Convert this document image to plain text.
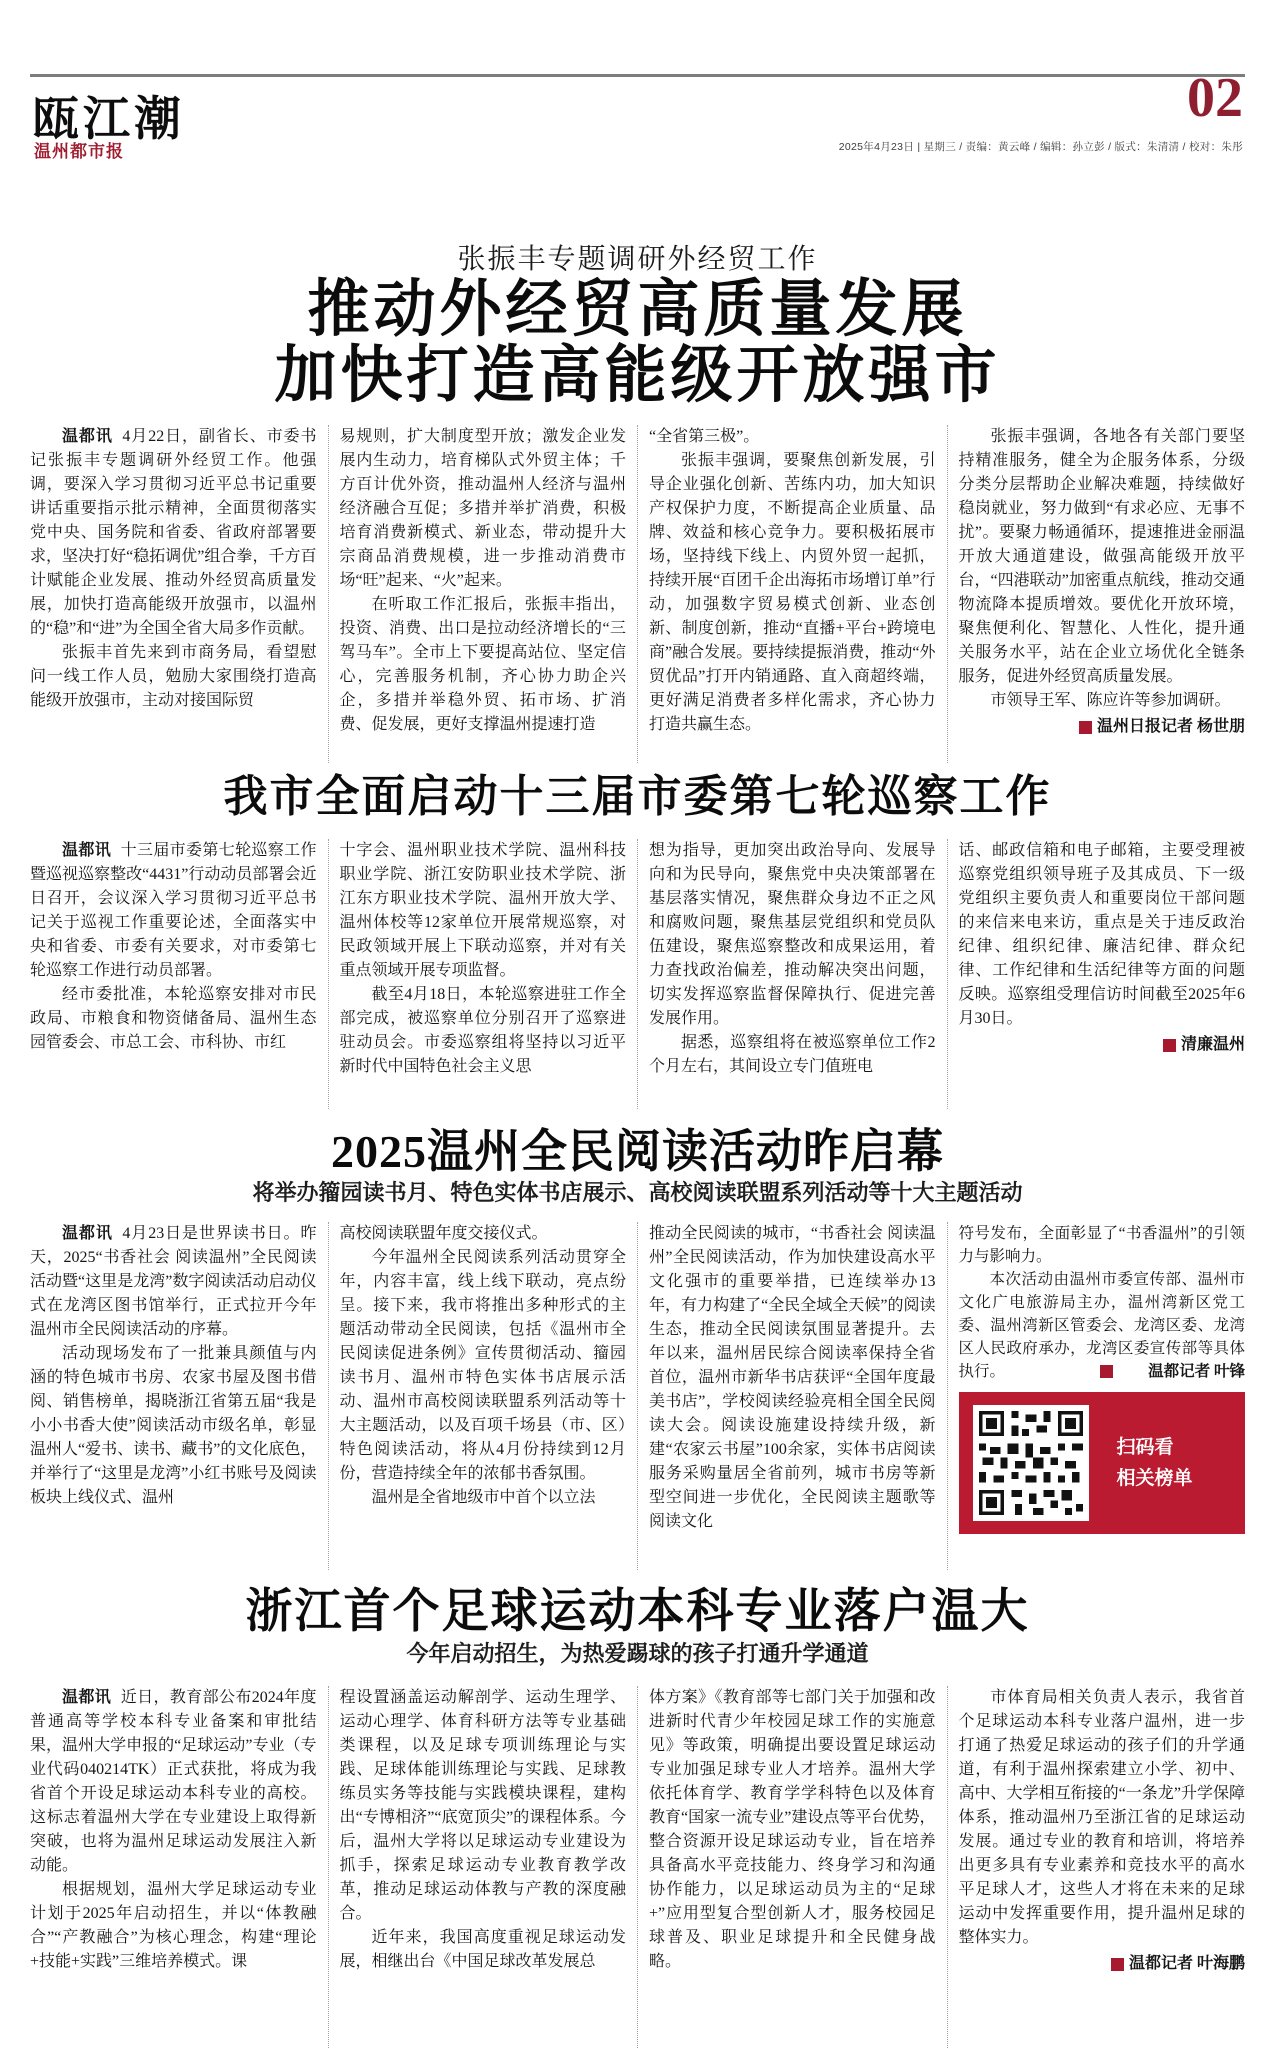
瓯江潮
温州都市报
02
2025年4月23日 | 星期三 / 责编：黄云峰 / 编辑：孙立彭 / 版式：朱清清 / 校对：朱彤
张振丰专题调研外经贸工作
推动外经贸高质量发展
加快打造高能级开放强市

温都讯 4月22日，副省长、市委书记张振丰专题调研外经贸工作。他强调，要深入学习贯彻习近平总书记重要讲话重要指示批示精神，全面贯彻落实党中央、国务院和省委、省政府部署要求，坚决打好“稳拓调优”组合拳，千方百计赋能企业发展、推动外经贸高质量发展，加快打造高能级开放强市，以温州的“稳”和“进”为全国全省大局多作贡献。

张振丰首先来到市商务局，看望慰问一线工作人员，勉励大家围绕打造高能级开放强市，主动对接国际贸

易规则，扩大制度型开放；激发企业发展内生动力，培育梯队式外贸主体；千方百计优外资，推动温州人经济与温州经济融合互促；多措并举扩消费，积极培育消费新模式、新业态，带动提升大宗商品消费规模，进一步推动消费市场“旺”起来、“火”起来。

在听取工作汇报后，张振丰指出，投资、消费、出口是拉动经济增长的“三驾马车”。全市上下要提高站位、坚定信心，完善服务机制，齐心协力助企兴企，多措并举稳外贸、拓市场、扩消费、促发展，更好支撑温州提速打造

“全省第三极”。

张振丰强调，要聚焦创新发展，引导企业强化创新、苦练内功，加大知识产权保护力度，不断提高企业质量、品牌、效益和核心竞争力。要积极拓展市场，坚持线下线上、内贸外贸一起抓，持续开展“百团千企出海拓市场增订单”行动，加强数字贸易模式创新、业态创新、制度创新，推动“直播+平台+跨境电商”融合发展。要持续提振消费，推动“外贸优品”打开内销通路、直入商超终端，更好满足消费者多样化需求，齐心协力打造共赢生态。

张振丰强调，各地各有关部门要坚持精准服务，健全为企服务体系，分级分类分层帮助企业解决难题，持续做好稳岗就业，努力做到“有求必应、无事不扰”。要聚力畅通循环，提速推进金丽温开放大通道建设，做强高能级开放平台，“四港联动”加密重点航线，推动交通物流降本提质增效。要优化开放环境，聚焦便利化、智慧化、人性化，提升通关服务水平，站在企业立场优化全链条服务，促进外经贸高质量发展。

市领导王军、陈应许等参加调研。

温州日报记者 杨世朋
我市全面启动十三届市委第七轮巡察工作

温都讯 十三届市委第七轮巡察工作暨巡视巡察整改“4431”行动动员部署会近日召开，会议深入学习贯彻习近平总书记关于巡视工作重要论述，全面落实中央和省委、市委有关要求，对市委第七轮巡察工作进行动员部署。

经市委批准，本轮巡察安排对市民政局、市粮食和物资储备局、温州生态园管委会、市总工会、市科协、市红

十字会、温州职业技术学院、温州科技职业学院、浙江安防职业技术学院、浙江东方职业技术学院、温州开放大学、温州体校等12家单位开展常规巡察，对民政领域开展上下联动巡察，并对有关重点领域开展专项监督。

截至4月18日，本轮巡察进驻工作全部完成，被巡察单位分别召开了巡察进驻动员会。市委巡察组将坚持以习近平新时代中国特色社会主义思

想为指导，更加突出政治导向、发展导向和为民导向，聚焦党中央决策部署在基层落实情况，聚焦群众身边不正之风和腐败问题，聚焦基层党组织和党员队伍建设，聚焦巡察整改和成果运用，着力查找政治偏差，推动解决突出问题，切实发挥巡察监督保障执行、促进完善发展作用。

据悉，巡察组将在被巡察单位工作2个月左右，其间设立专门值班电

话、邮政信箱和电子邮箱，主要受理被巡察党组织领导班子及其成员、下一级党组织主要负责人和重要岗位干部问题的来信来电来访，重点是关于违反政治纪律、组织纪律、廉洁纪律、群众纪律、工作纪律和生活纪律等方面的问题反映。巡察组受理信访时间截至2025年6月30日。

清廉温州
2025温州全民阅读活动昨启幕
将举办籀园读书月、特色实体书店展示、高校阅读联盟系列活动等十大主题活动

温都讯 4月23日是世界读书日。昨天，2025“书香社会 阅读温州”全民阅读活动暨“这里是龙湾”数字阅读活动启动仪式在龙湾区图书馆举行，正式拉开今年温州市全民阅读活动的序幕。

活动现场发布了一批兼具颜值与内涵的特色城市书房、农家书屋及图书借阅、销售榜单，揭晓浙江省第五届“我是小小书香大使”阅读活动市级名单，彰显温州人“爱书、读书、藏书”的文化底色，并举行了“这里是龙湾”小红书账号及阅读板块上线仪式、温州

高校阅读联盟年度交接仪式。

今年温州全民阅读系列活动贯穿全年，内容丰富，线上线下联动，亮点纷呈。接下来，我市将推出多种形式的主题活动带动全民阅读，包括《温州市全民阅读促进条例》宣传贯彻活动、籀园读书月、温州市特色实体书店展示活动、温州市高校阅读联盟系列活动等十大主题活动，以及百项千场县（市、区）特色阅读活动，将从4月份持续到12月份，营造持续全年的浓郁书香氛围。

温州是全省地级市中首个以立法

推动全民阅读的城市，“书香社会 阅读温州”全民阅读活动，作为加快建设高水平文化强市的重要举措，已连续举办13年，有力构建了“全民全域全天候”的阅读生态，推动全民阅读氛围显著提升。去年以来，温州居民综合阅读率保持全省首位，温州市新华书店获评“全国年度最美书店”，学校阅读经验亮相全国全民阅读大会。阅读设施建设持续升级，新建“农家云书屋”100余家，实体书店阅读服务采购量居全省前列，城市书房等新型空间进一步优化，全民阅读主题歌等阅读文化

符号发布，全面彰显了“书香温州”的引领力与影响力。

本次活动由温州市委宣传部、温州市文化广电旅游局主办，温州湾新区党工委、温州湾新区管委会、龙湾区委、龙湾区人民政府承办，龙湾区委宣传部等具体执行。	温都记者 叶锋

扫码看
相关榜单
浙江首个足球运动本科专业落户温大
今年启动招生，为热爱踢球的孩子打通升学通道

温都讯 近日，教育部公布2024年度普通高等学校本科专业备案和审批结果，温州大学申报的“足球运动”专业（专业代码040214TK）正式获批，将成为我省首个开设足球运动本科专业的高校。这标志着温州大学在专业建设上取得新突破，也将为温州足球运动发展注入新动能。

根据规划，温州大学足球运动专业计划于2025年启动招生，并以“体教融合”“产教融合”为核心理念，构建“理论+技能+实践”三维培养模式。课

程设置涵盖运动解剖学、运动生理学、运动心理学、体育科研方法等专业基础类课程，以及足球专项训练理论与实践、足球体能训练理论与实践、足球教练员实务等技能与实践模块课程，建构出“专博相济”“底宽顶尖”的课程体系。今后，温州大学将以足球运动专业建设为抓手，探索足球运动专业教育教学改革，推动足球运动体教与产教的深度融合。

近年来，我国高度重视足球运动发展，相继出台《中国足球改革发展总

体方案》《教育部等七部门关于加强和改进新时代青少年校园足球工作的实施意见》等政策，明确提出要设置足球运动专业加强足球专业人才培养。温州大学依托体育学、教育学学科特色以及体育教育“国家一流专业”建设点等平台优势，整合资源开设足球运动专业，旨在培养具备高水平竞技能力、终身学习和沟通协作能力，以足球运动员为主的“足球+”应用型复合型创新人才，服务校园足球普及、职业足球提升和全民健身战略。

市体育局相关负责人表示，我省首个足球运动本科专业落户温州，进一步打通了热爱足球运动的孩子们的升学通道，有利于温州探索建立小学、初中、高中、大学相互衔接的“一条龙”升学保障体系，推动温州乃至浙江省的足球运动发展。通过专业的教育和培训，将培养出更多具有专业素养和竞技水平的高水平足球人才，这些人才将在未来的足球运动中发挥重要作用，提升温州足球的整体实力。

温都记者 叶海鹏
